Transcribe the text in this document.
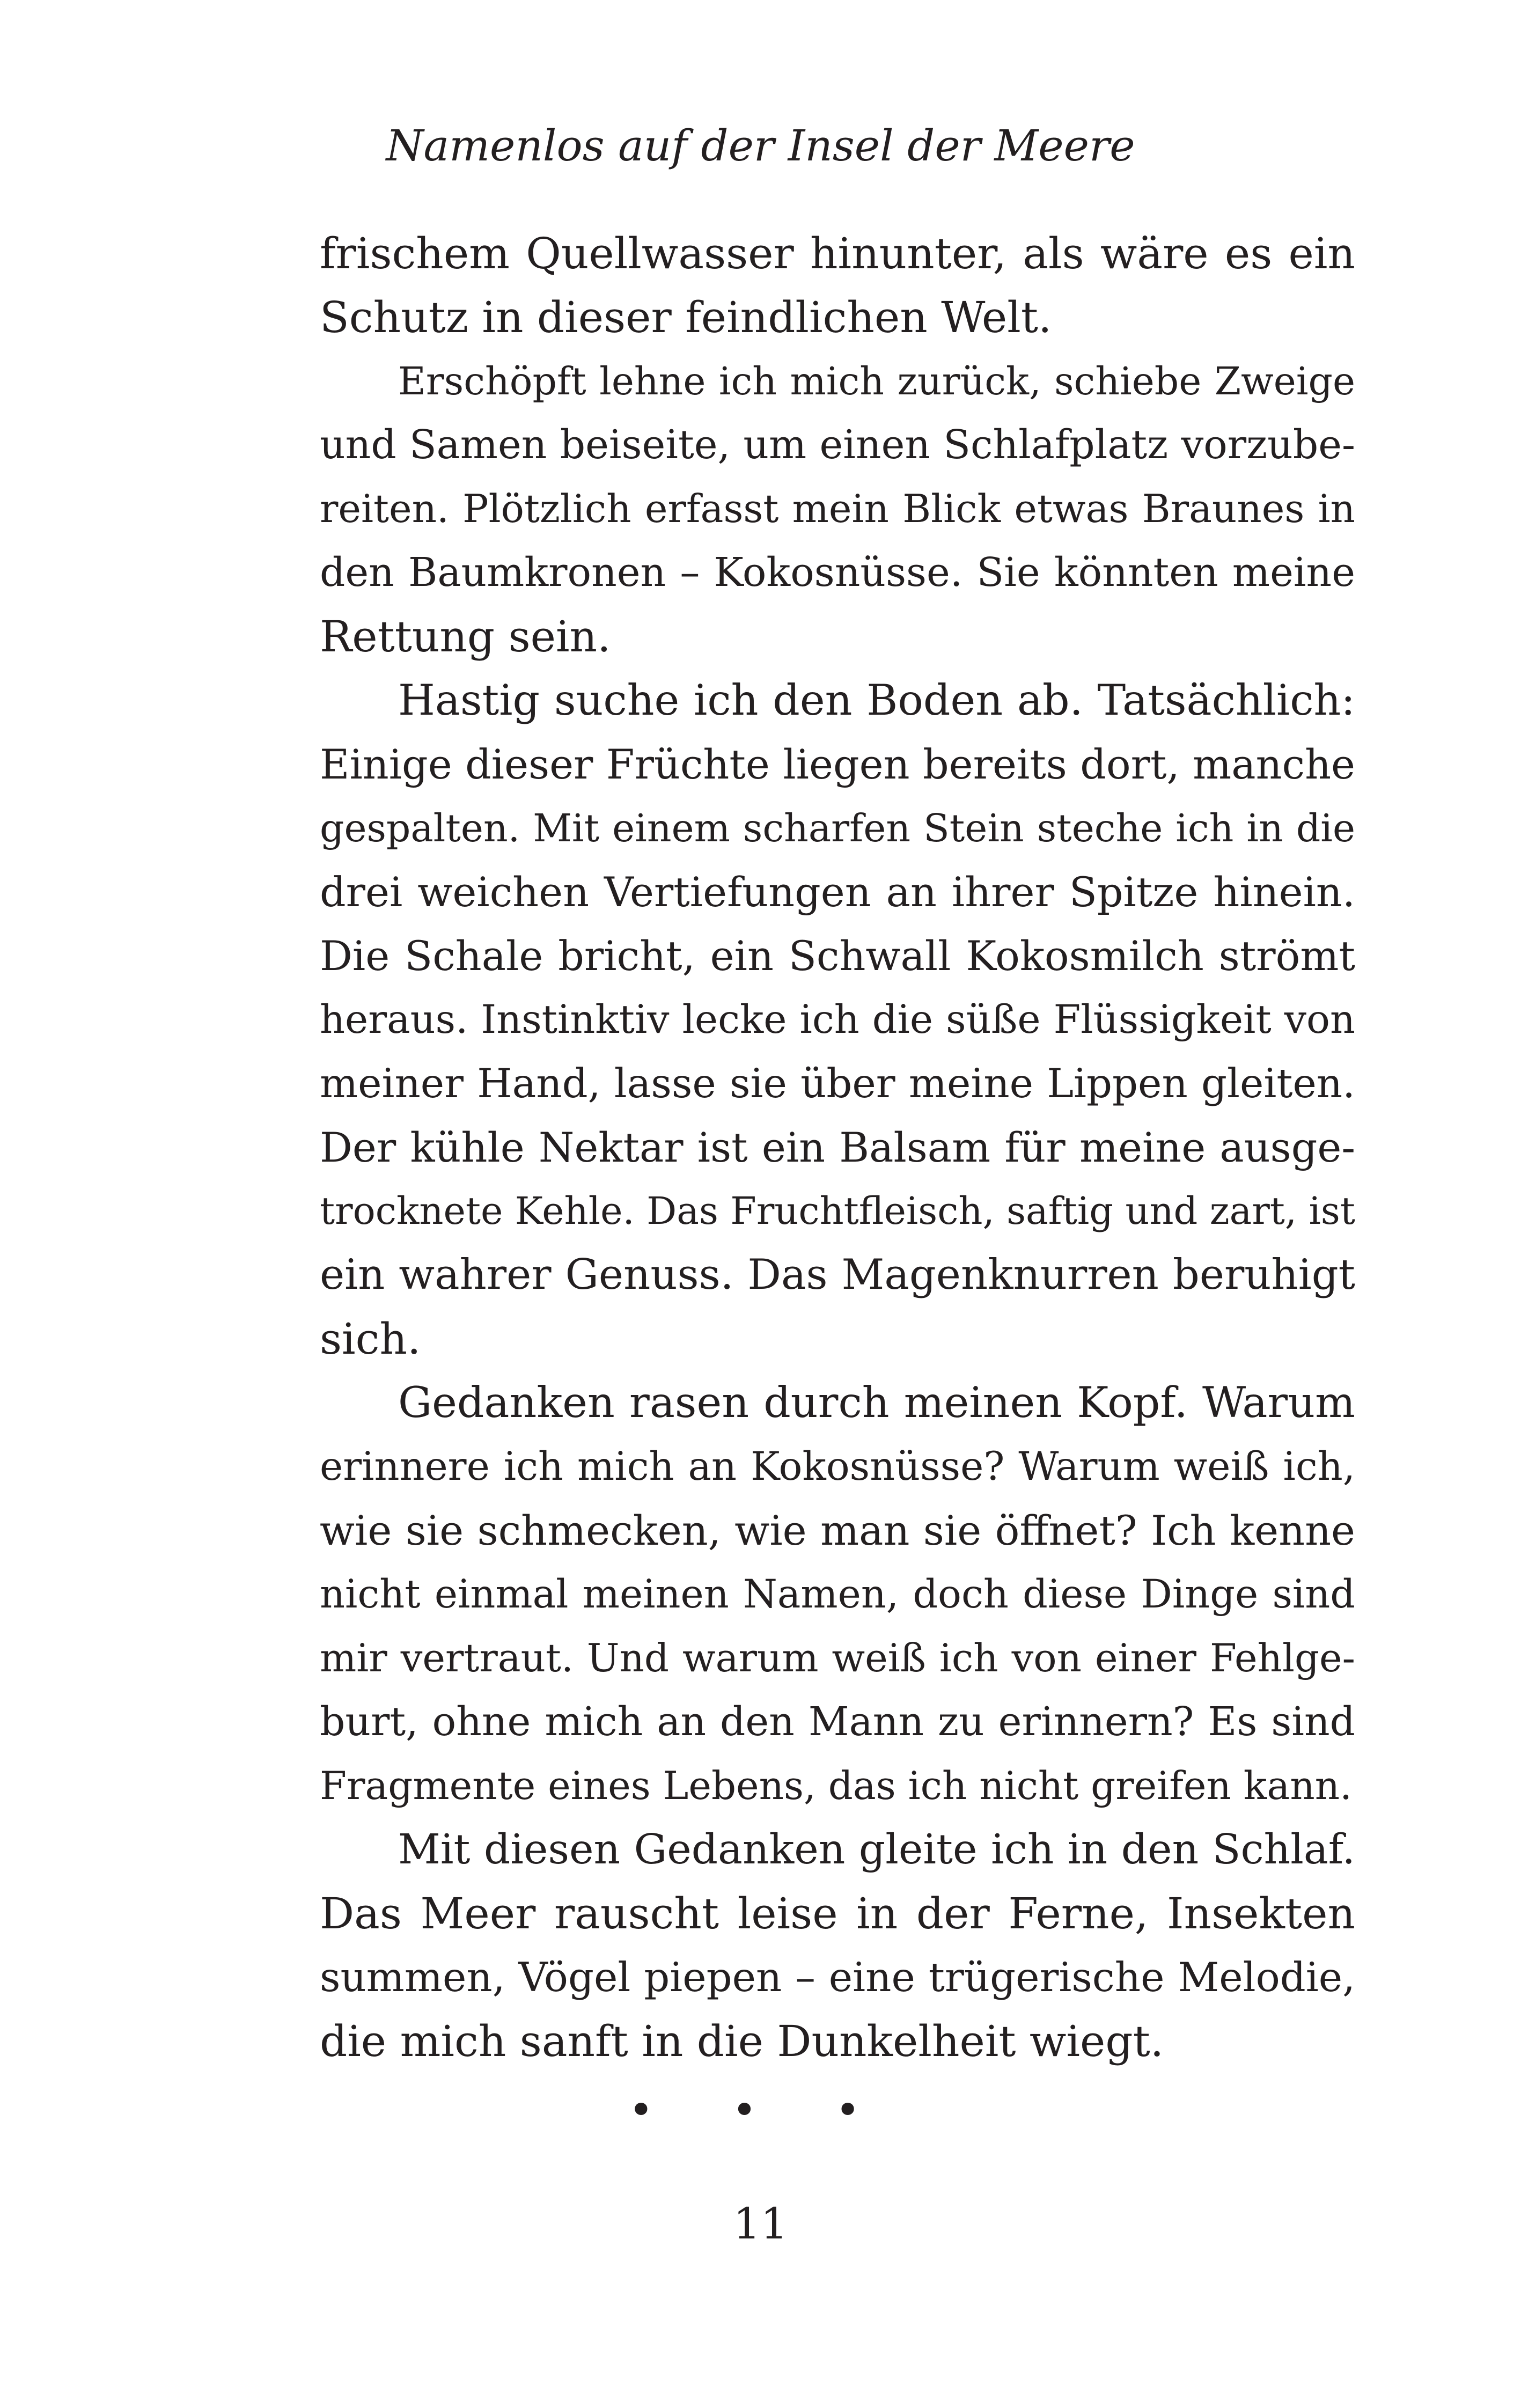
Namenlos auf der Insel der Meere
frischem Quellwasser hinunter, als wäre es ein
Schutz in dieser feindlichen Welt.
Erschöpft lehne ich mich zurück, schiebe Zweige
und Samen beiseite, um einen Schlafplatz vorzube-
reiten. Plötzlich erfasst mein Blick etwas Braunes in
den Baumkronen – Kokosnüsse. Sie könnten meine
Rettung sein.
Hastig suche ich den Boden ab. Tatsächlich:
Einige dieser Früchte liegen bereits dort, manche
gespalten. Mit einem scharfen Stein steche ich in die
drei weichen Vertiefungen an ihrer Spitze hinein.
Die Schale bricht, ein Schwall Kokosmilch strömt
heraus. Instinktiv lecke ich die süße Flüssigkeit von
meiner Hand, lasse sie über meine Lippen gleiten.
Der kühle Nektar ist ein Balsam für meine ausge-
trocknete Kehle. Das Fruchtfleisch, saftig und zart, ist
ein wahrer Genuss. Das Magenknurren beruhigt
sich.
Gedanken rasen durch meinen Kopf. Warum
erinnere ich mich an Kokosnüsse? Warum weiß ich,
wie sie schmecken, wie man sie öffnet? Ich kenne
nicht einmal meinen Namen, doch diese Dinge sind
mir vertraut. Und warum weiß ich von einer Fehlge-
burt, ohne mich an den Mann zu erinnern? Es sind
Fragmente eines Lebens, das ich nicht greifen kann.
Mit diesen Gedanken gleite ich in den Schlaf.
Das Meer rauscht leise in der Ferne, Insekten
summen, Vögel piepen – eine trügerische Melodie,
die mich sanft in die Dunkelheit wiegt.
• • •
11
